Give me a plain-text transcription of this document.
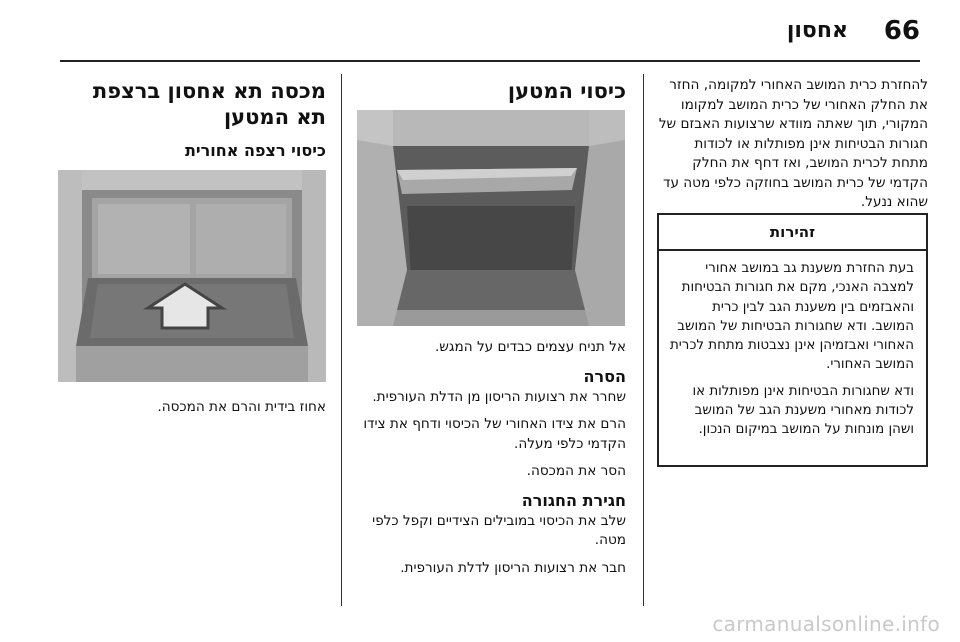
66
אחסון
להחזרת כרית המושב האחורי למקומה, החזר את החלק האחורי של כרית המושב למקומו המקורי, תוך שאתה מוודא שרצועות האבזם של חגורות הבטיחות אינן מפותלות או לכודות מתחת לכרית המושב, ואז דחף את החלק הקדמי של כרית המושב בחוזקה כלפי מטה עד שהוא ננעל.
זהירות

בעת החזרת משענת גב במושב אחורי למצבה האנכי, מקם את חגורות הבטיחות והאבזמים בין משענת הגב לבין כרית המושב. ודא שחגורות הבטיחות של המושב האחורי ואבזמיהן אינן נצבטות מתחת לכרית המושב האחורי.

ודא שחגורות הבטיחות אינן מפותלות או לכודות מאחורי משענת הגב של המושב ושהן מונחות על המושב במיקום הנכון.

כיסוי המטען
אל תניח עצמים כבדים על המגש.
הסרה
שחרר את רצועות הריסון מן הדלת העורפית.
הרם את צידו האחורי של הכיסוי ודחף את צידו הקדמי כלפי מעלה.
הסר את המכסה.
חגירת החגורה
שלב את הכיסוי במובילים הצידיים וקפל כלפי מטה.
חבר את רצועות הריסון לדלת העורפית.
מכסה תא אחסון ברצפת תא המטען
כיסוי רצפה אחורית
אחוז בידית והרם את המכסה.
carmanualsonline.info
